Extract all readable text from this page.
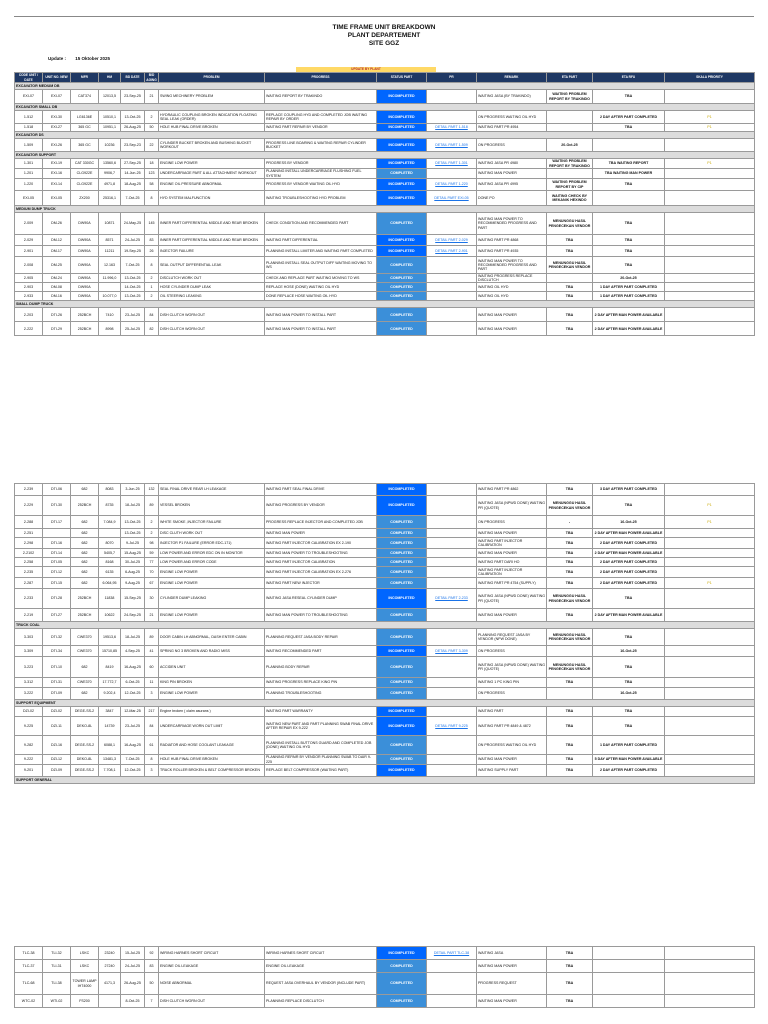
TIME FRAME UNIT BREAKDOWN
PLANT DEPARTEMENT
SITE GGZ
Update : 15 Oktober 2025
UPDATE BY PLANT
CODE UNIT / DATE	UNIT NO. NEW	MFR	HM	BD DATE	B/D AGING	PROBLEM	PROGRESS	STATUS PART	PR	REMARK	ETA PART	ETA RFU	SKALA PRIORITY
EXCAVATOR MEDIUM DB													
EXI-07	EXI-07	CAT374	12013,5	23-Sep-25	21	SWING MECHINERY PROBLEM	WAITING REPORT BY TRAKINDO	INCOMPLETED		WAITING JASA (BY TRAKINDO)	WAITING PROBLEM REPORT BY TRAKINDO	TBA	
EXCAVATOR SMALL DB													
1-512	EXI-30	LG6136E	10510,1	13-Oct-25	2	HYDRAULIC COUPLING BROKEN INDICATION FLOATING SEAL LEAK (ORDER)	REPLACE COUPLING HYD AND COMPLETED JOB WAITING REPAIR BY ORDER	INCOMPLETED		ON PROGRESS WAITING OIL HYD		2 DAY AFTER PART COMPLETED	P1
1-518	EXI-27	365 GC	10951,1	26-Aug-25	50	HOLE HUB FINAL DRIVE BROKEN	WAITING PART REPAIR BY VENDOR	INCOMPLETED	DETAIL PART 1-518	WAITING PART PR 4954		TBA	P1
EXCAVATOR DS													
1-509	EXI-26	365 GC	10236	23-Sep-23	22	CYLINDER BUCKET BROKEN AND BUSHING BUCKET WORKOUT	PROGRESS LINE BOARING & WAITING REPAIR CYLINDER BUCKET	INCOMPLETED	DETAIL PART 1-509	ON PROGRESS	20-Oct-25		
EXCAVATOR SUPPORT													
1-301	EXI-19	CAT 330GC	13560,6	27-Sep-25	18	ENGINE LOW POWER	PROGRESS BY VENDOR	INCOMPLETED	DETAIL PART 1-301	WAITING JASA PR 4980	WAITING PROBLEM REPORT BY TRAKINDO	TBA WAITING REPORT	P1
1-201	EXI-16	CLG922E	9906,7	14-Jun-25	123	UNDERCARRIAGE PART & ALL ATTACHMENT WORKOUT	PLANNING INSTALL UNDERCARRIAGE FLUSHING FUEL SYSTEM	COMPLETED		WAITING MAN POWER		TBA WAITING MAN POWER	
1-220	EXI-14	CLG922E	4971,8	18-Aug-25	58	ENGINE OIL PRESSURE ABNORMAL	PROGRESS BY VENDOR WAITING OIL HYD	INCOMPLETED	DETAIL PART 1-220	WAITING JASA PR 4995	WAITING PROBLEM REPORT BY CIP	TBA	
EXI-05	EXI-05	ZX200	25316,1	7-Oct-25	8	HYD SYSTEM MALFUNCTION	WAITING TROUBLESHOOTING HYD PROBLEM	INCOMPLETED	DETAIL PART EXI-05	DONE PO	WAITING CHECK BY MEKANIK HEXINDO		
MEDIUM DUMP TRUCK													
2-009	DM-26	DW90A	10871	24-May-25	145	INNER PART DIFFERENTIAL MIDDLE AND REAR BROKEN	CHECK CONDITION AND RECOMMENDED PART	COMPLETED		WAITING MAN POWER TO RECOMMENDED PROGRESS AND PART	MENUNGGU HASIL PENGECEKAN VENDOR	TBA	
2-029	DM-12	DW90A	8571	24-Jul-25	83	INNER PART DIFFERENTIAL MIDDLE AND REAR BROKEN	WAITING PART DIFFERENTIAL	INCOMPLETED	DETAIL PART 2-029	WAITING PART PR 4868	TBA	TBA	
2-901	DM-17	DW90A	11211	19-Sep-25	26	INJECTOR FAILURE	PLANNING INSTALL LIMITER AND WAITING PART COMPLETED	INCOMPLETED	DETAIL PART 2-901	WAITING PART PR 4935	TBA	TBA	
2-008	DM-25	DW90A	12.163	7-Oct-25	8	SEAL OUTPUT DIFFERENTIAL LEAK	PLANNING INSTALL SEAL OUTPUT DIFF WAITING MOVING TO WS	COMPLETED		WAITING MAN POWER TO RECOMMENDED PROGRESS AND PART	MENUNGGU HASIL PENGECEKAN VENDOR	TBA	
2-905	DM-24	DW90A	11.996,0	13-Oct-25	2	DISCLUTCH WORK OUT	CHECK AND REPLACE PART WAITING MOVING TO WS	COMPLETED		WAITING PROGRESS REPLACE DISCLUTCH		20-Oct-25	
2-903	DM-08	DW90A		14-Oct-25	1	HOSE CYLINDER DUMP LEAK	REPLACE HOSE (DONE) WAITING OIL HYD	COMPLETED		WAITING OIL HYD	TBA	1 DAY AFTER PART COMPLETED	
2-933	DM-16	DW90A	10.077,0	13-Oct-25	2	OIL STEERING LEAKING	DONE REPLACE HOSE WAITING OIL HYD	COMPLETED		WAITING OIL HYD	TBA	1 DAY AFTER PART COMPLETED	
SMALL DUMP TRUCK													
2-203	DTI-26	252BCH	7410	23-Jul-25	84	DISH CLUTCH WORN OUT	WAITING MAN POWER TO INSTALL PART	COMPLETED		WAITING MAN POWER	TBA	2 DAY AFTER MAN POWER AVAILABLE	
2-222	DTI-29	252BCH	8998	25-Jul-25	82	DISH CLUTCH WORN OUT	WAITING MAN POWER TO INSTALL PART	COMPLETED		WAITING MAN POWER	TBA	2 DAY AFTER MAN POWER AVAILABLE	
2-239	DTI-06	682	8083	3-Jun-25	132	SEAL FINAL DRIVE REAR LH LEAKAGE	WAITING PART SEAL FINAL DRIVE	INCOMPLETED		WAITING PART PR 4862	TBA	3 DAY AFTER PART COMPLETED	
2-229	DTI-30	252BCH	8735	18-Jul-25	89	VESSEL BROKEN	WAITING PROGRESS BY VENDOR	INCOMPLETED		WAITING JASA (NPWD DONE) WAITING PR (QUOTE)	MENUNGGU HASIL PENGECEKAN VENDOR	TBA	P1
2-288	DTI-17	682	7.084,9	13-Oct-25	2	WHITE SMOKE ,INJECTOR FAILURE	PROGRESS REPLACE INJECTOR AND COMPLETED JOB	COMPLETED		ON PROGRESS	-	16-Oct-25	P1
2-251		682		13-Oct-25	2	DISC CLUTH WORK OUT	WAITING MAN POWER	COMPLETED		WAITING MAN POWER	TBA	2 DAY AFTER MAN POWER AVAILABLE	
2-298	DTI-16	682	8070	9-Jul-25	98	INJECTOR P1 FAILURE (ERROR EDC-171)	WAITING PART INJECTOR CALIBRATION EX 2-190	COMPLETED		WAITING PART INJECTOR CALIBRATION	TBA	2 DAY AFTER PART COMPLETED	
2-2102	DTI-14	682	5405,7	15-Aug-25	59	LOW POWER AND ERROR EDC ON IN MONITOR	WAITING MAN POWER TO TROUBLESHOOTING	COMPLETED		WAITING MAN POWER	TBA	2 DAY AFTER MAN POWER AVAILABLE	
2-258	DTI-05	682	8168	30-Jul-25	77	LOW POWER AND ERROR CODE	WAITING PART INJECTOR CALIBRATION	COMPLETED		WAITING PART DARI HO	TBA	2 DAY AFTER PART COMPLETED	
2-235	DTI-12	682	6135	6-Aug-25	70	ENGINE LOW POWER	WAITING PART INJECTOR CALIBRATION EX 2-276	COMPLETED		WAITING PART INJECTOR CALIBRATION	TBA	2 DAY AFTER PART COMPLETED	
2-287	DTI-15	682	6.064,95	9-Aug-25	67	ENGINE LOW POWER	WAITING PART NEW INJECTOR	COMPLETED		WAITING PART PR 4754 (SUPPLY)	TBA	2 DAY AFTER PART COMPLETED	P1
2-233	DTI-28	252BCH	11838	15-Sep-25	30	CYLINDER DUMP LEAKING	WAITING JASA RESEAL CYLINDER DUMP	INCOMPLETED	DETAIL PART 2-233	WAITING JASA (NPWD DONE) WAITING PR (QUOTE)	MENUNGGU HASIL PENGECEKAN VENDOR	TBA	
2-219	DTI-27	252BCH	10622	24-Sep-25	21	ENGINE LOW POWER	WAITING MAN POWER TO TROUBLESHOOTING	COMPLETED		WAITING MAN POWER	TBA	2 DAY AFTER MAN POWER AVAILABLE	
TRUCK COAL													
3-303	DTI-32	CWE370	19513,6	18-Jul-25	89	DOOR CABIN LH ABNORMAL, DASH ENTER CABIN	PLANNING REQUEST JASA BODY REPAIR	COMPLETED		PLANNING REQUEST JASA BY VENDOR (NPW DONE)	MENUNGGU HASIL PENGECEKAN VENDOR	TBA	
3-309	DTI-34	CWE370	15710,85	4-Sep-25	41	SPRING NO 3 BROKEN AND RADIO MISS	WAITING RECOMMENDED PART	INCOMPLETED	DETAIL PART 3-309	ON PROGRESS		16-Oct-25	
3-223	DTI-10	682	8419	16-Aug-25	60	ACCIDEN UNIT	PLANNING BODY REPAIR	COMPLETED		WAITING JASA (NPWD DONE) WAITING PR (QUOTE)	MENUNGGU HASIL PENGECEKAN VENDOR	TBA	
3-312	DTI-31	CWE370	17.772,7	6-Oct-25	11	KING PIN BROKEN	WAITING PROGRESS REPLACE KING PIN	COMPLETED		WAITING 1 PC KING PIN	TBA	TBA	
3-222	DTI-09	682	9.202,4	12-Oct-25	3	ENGINE LOW POWER	PLANNING TROUBLESHOOTING	COMPLETED		ON PROGRESS		16-Oct-25	
SUPPORT EQUIPMENT													
DZI-02	DZI-02	DEGE-SS-2	3847	12-Mar-25	217	Engine broken ( claim asurans )	WAITING PART WARRANTY	INCOMPLETED		WAITING PART	TBA	TBA	
9-225	DZI-11	DEKO-8L	14739	23-Jul-25	84	UNDERCARRIAGE WORN OUT LIMIT	WAITING NEW PART AND PART PLANNING SWAB FINAL DRIVE AFTER REPAIR EX 9-222	INCOMPLETED	DETAIL PART 9-225	WAITING PART PR 4849 & 4872	TBA	TBA	
9-282	DZI-16	DEGE-SS-2	6088,1	16-Aug-25	61	RADIATOR AND HOSE COOLANT LEAKAGE	PLANNING INSTALL BUTTONS GUARD AND COMPLETED JOB (DONE) WAITING OIL HYD	COMPLETED		ON PROGRESS WAITING OIL HYD	TBA	1 DAY AFTER PART COMPLETED	
9-222	DZI-12	DEKO-8L	13481,3	7-Oct-25	8	HOLE HUB FINAL DRIVE BROKEN	PLANNING REPAIR BY VENDOR PLANNING SWAB TO DAIR 9-225	COMPLETED		WAITING MAN POWER	TBA	5 DAY AFTER MAN POWER AVAILABLE	
9-201	DZI-09	DEGE-SS-2	7.708,1	12-Oct-25	3	TRACK ROLLER BROKEN & BELT COMPRESSOR BROKEN	REPLACE BELT COMPRESSOR (WAITING PART)	INCOMPLETED		WAITING SUPPLY PART	TBA	2 DAY AFTER PART COMPLETED	
SUPPORT GENERAL													
TLC-38	TLI-32	LSKC	23240	15-Jul-25	92	WIRING HARNES SHORT CIRCUIT	WIRING HARNES SHORT CIRCUIT	INCOMPLETED	DETAIL PART TLC-38	WAITING JASA	TBA		
TLC-37	TLI-31	LSKC	27240	24-Jul-25	83	ENGINE OIL LEAKAGE	ENGINE OIL LEAKAGE	COMPLETED		WAITING MAN POWER	TBA		
TLC-68	TLI-38	TOWER LAMP IHT4000	4171,3	26-Aug-25	50	NOISE ABNORMAL	REQUEST JASA OVERHAUL BY VENDOR (INCLUDE PART)	COMPLETED		PROGRESS REQUEST	TBA		
WTC-02	WTI-02	FS200		8-Oct-25	7	DISH CLUTCH WORN OUT	PLANNING REPLACE DISCLUTCH	COMPLETED		WAITING MAN POWER	TBA		
